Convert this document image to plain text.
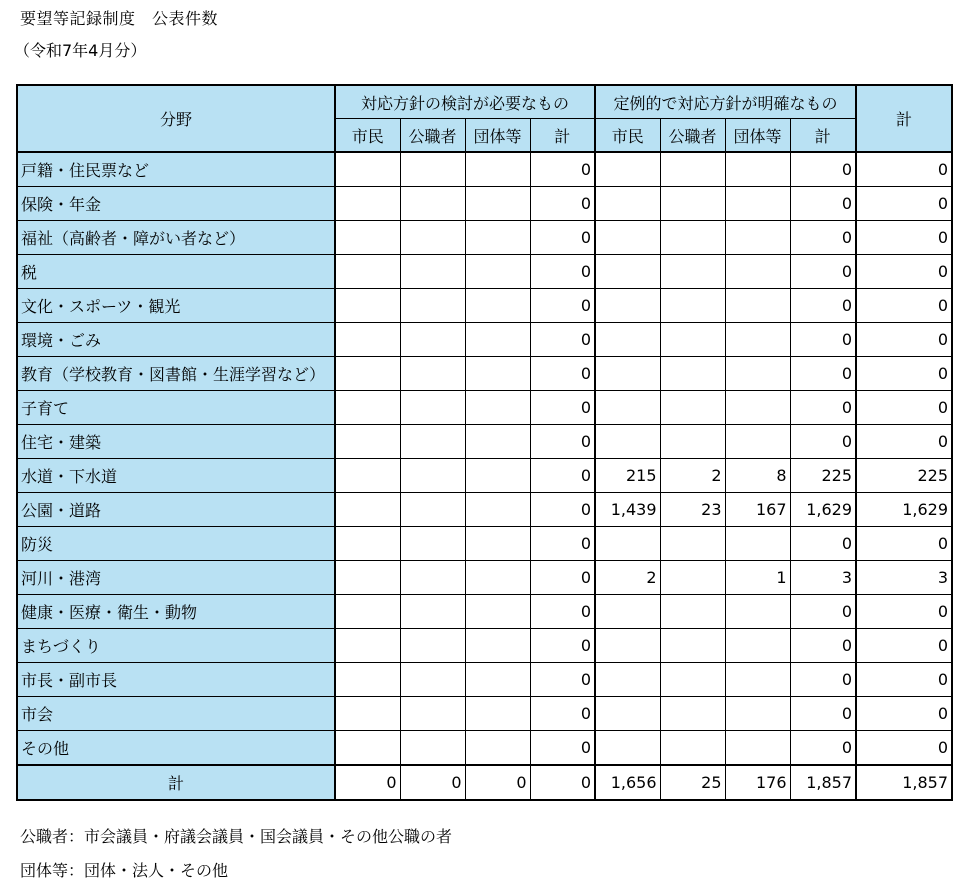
要望等記録制度　公表件数
（令和7年4月分）
分野	対応方針の検討が必要なもの				定例的で対応方針が明確なもの				計
	市民	公職者	団体等	計	市民	公職者	団体等	計	
戸籍・住民票など				0				0	0
保険・年金				0				0	0
福祉（高齢者・障がい者など）				0				0	0
税				0				0	0
文化・スポーツ・観光				0				0	0
環境・ごみ				0				0	0
教育（学校教育・図書館・生涯学習など）				0				0	0
子育て				0				0	0
住宅・建築				0				0	0
水道・下水道				0	215	2	8	225	225
公園・道路				0	1,439	23	167	1,629	1,629
防災				0				0	0
河川・港湾				0	2		1	3	3
健康・医療・衛生・動物				0				0	0
まちづくり				0				0	0
市長・副市長				0				0	0
市会				0				0	0
その他				0				0	0
計	0	0	0	0	1,656	25	176	1,857	1,857
公職者：市会議員・府議会議員・国会議員・その他公職の者
団体等：団体・法人・その他
